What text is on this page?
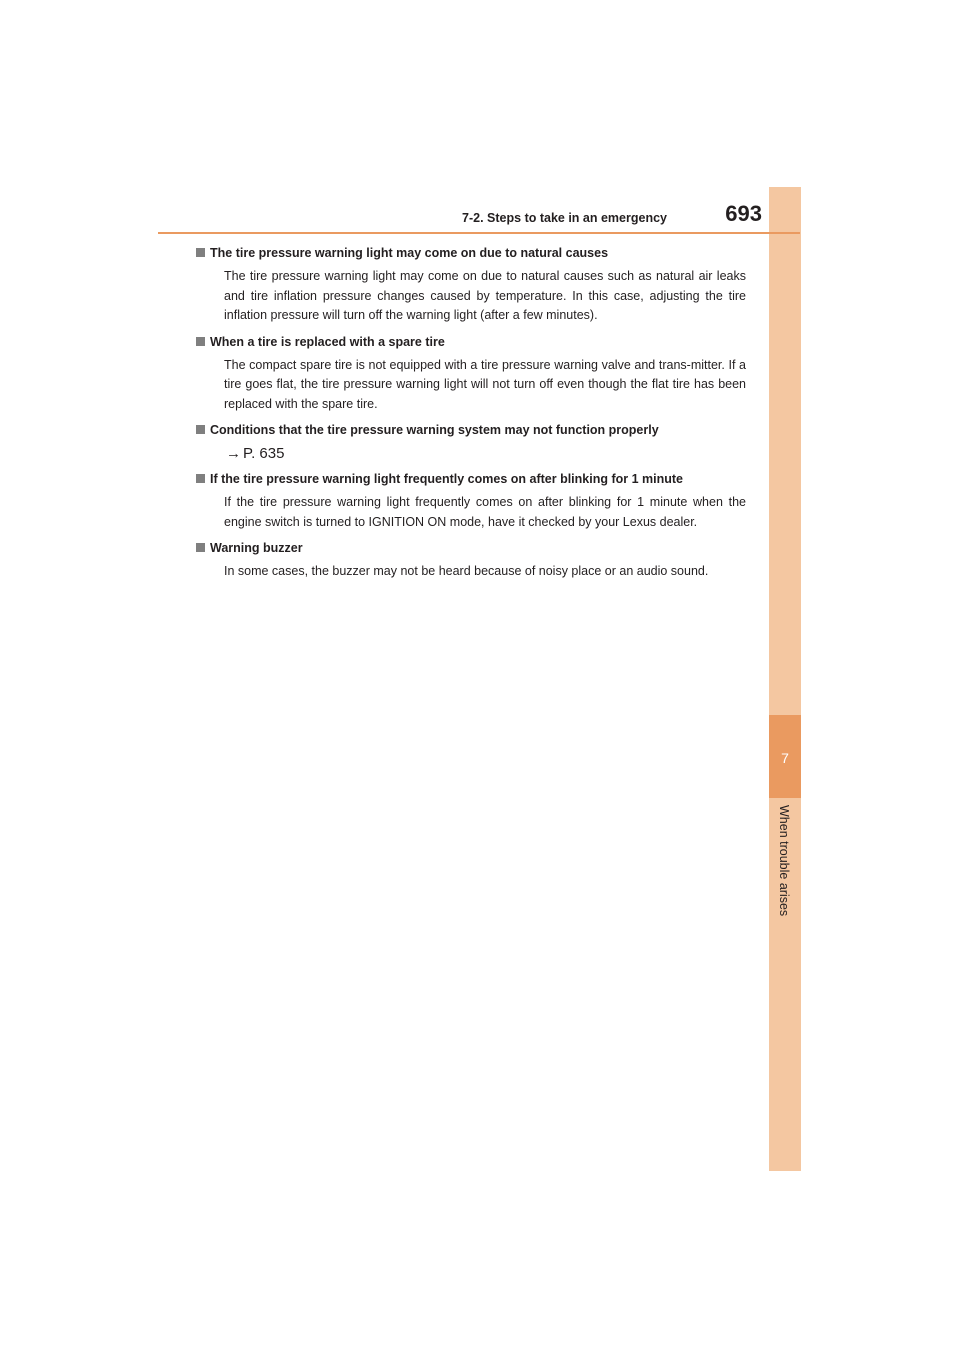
7
When trouble arises
7-2. Steps to take in an emergency	693
The tire pressure warning light may come on due to natural causes
The tire pressure warning light may come on due to natural causes such as natural air leaks and tire inflation pressure changes caused by temperature. In this case, adjusting the tire inflation pressure will turn off the warning light (after a few minutes).
When a tire is replaced with a spare tire
The compact spare tire is not equipped with a tire pressure warning valve and trans-mitter. If a tire goes flat, the tire pressure warning light will not turn off even though the flat tire has been replaced with the spare tire.
Conditions that the tire pressure warning system may not function properly
→ P. 635
If the tire pressure warning light frequently comes on after blinking for 1 minute
If the tire pressure warning light frequently comes on after blinking for 1 minute when the engine switch is turned to IGNITION ON mode, have it checked by your Lexus dealer.
Warning buzzer
In some cases, the buzzer may not be heard because of noisy place or an audio sound.
